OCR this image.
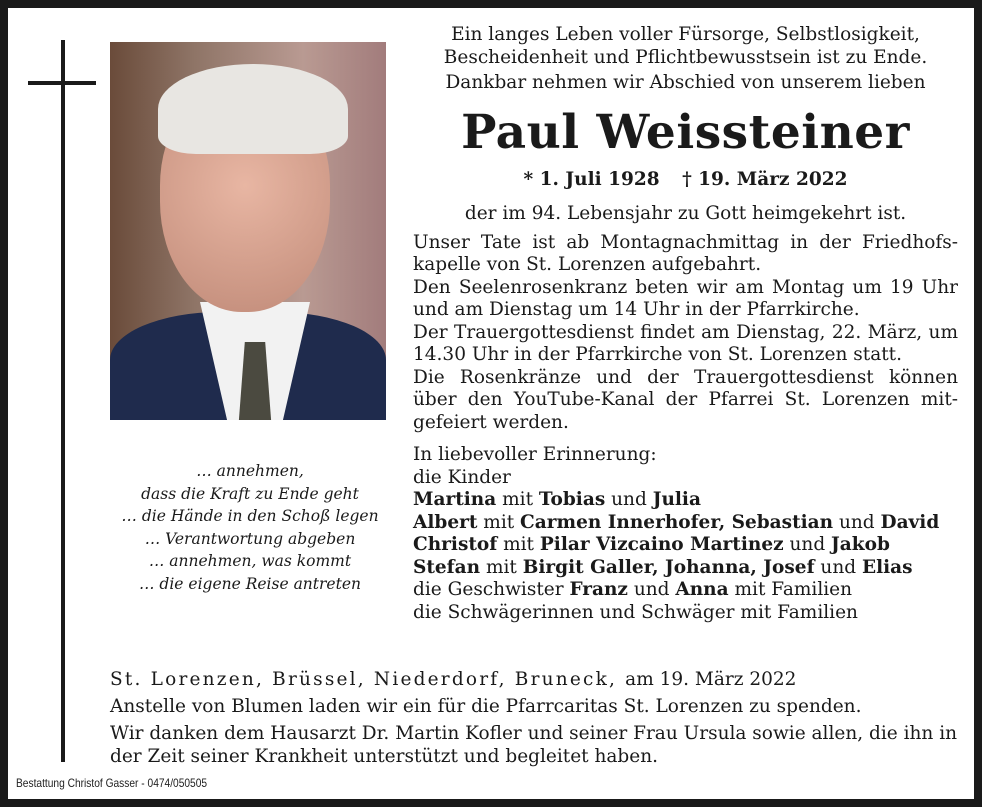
… annehmen,
dass die Kraft zu Ende geht
… die Hände in den Schoß legen
… Verantwortung abgeben
… annehmen, was kommt
… die eigene Reise antreten
Ein langes Leben voller Fürsorge, Selbstlosigkeit,
Bescheidenheit und Pflichtbewusstsein ist zu Ende.
Dankbar nehmen wir Abschied von unserem lieben
Paul Weissteiner
* 1. Juli 1928 † 19. März 2022
der im 94. Lebensjahr zu Gott heimgekehrt ist.

Unser Tate ist ab Montagnachmittag in der Friedhofs-kapelle von St. Lorenzen aufgebahrt.

Den Seelenrosenkranz beten wir am Montag um 19 Uhr und am Dienstag um 14 Uhr in der Pfarrkirche.

Der Trauergottesdienst findet am Dienstag, 22. März, um 14.30 Uhr in der Pfarrkirche von St. Lorenzen statt.

Die Rosenkränze und der Trauergottesdienst können über den YouTube-Kanal der Pfarrei St. Lorenzen mit-gefeiert werden.

In liebevoller Erinnerung:
die Kinder
Martina mit Tobias und Julia
Albert mit Carmen Innerhofer, Sebastian und David
Christof mit Pilar Vizcaino Martinez und Jakob
Stefan mit Birgit Galler, Johanna, Josef und Elias
die Geschwister Franz und Anna mit Familien
die Schwägerinnen und Schwäger mit Familien

St. Lorenzen, Brüssel, Niederdorf, Bruneck, am 19. März 2022

Anstelle von Blumen laden wir ein für die Pfarrcaritas St. Lorenzen zu spenden.

Wir danken dem Hausarzt Dr. Martin Kofler und seiner Frau Ursula sowie allen, die ihn in der Zeit seiner Krankheit unterstützt und begleitet haben.

Bestattung Christof Gasser - 0474/050505
